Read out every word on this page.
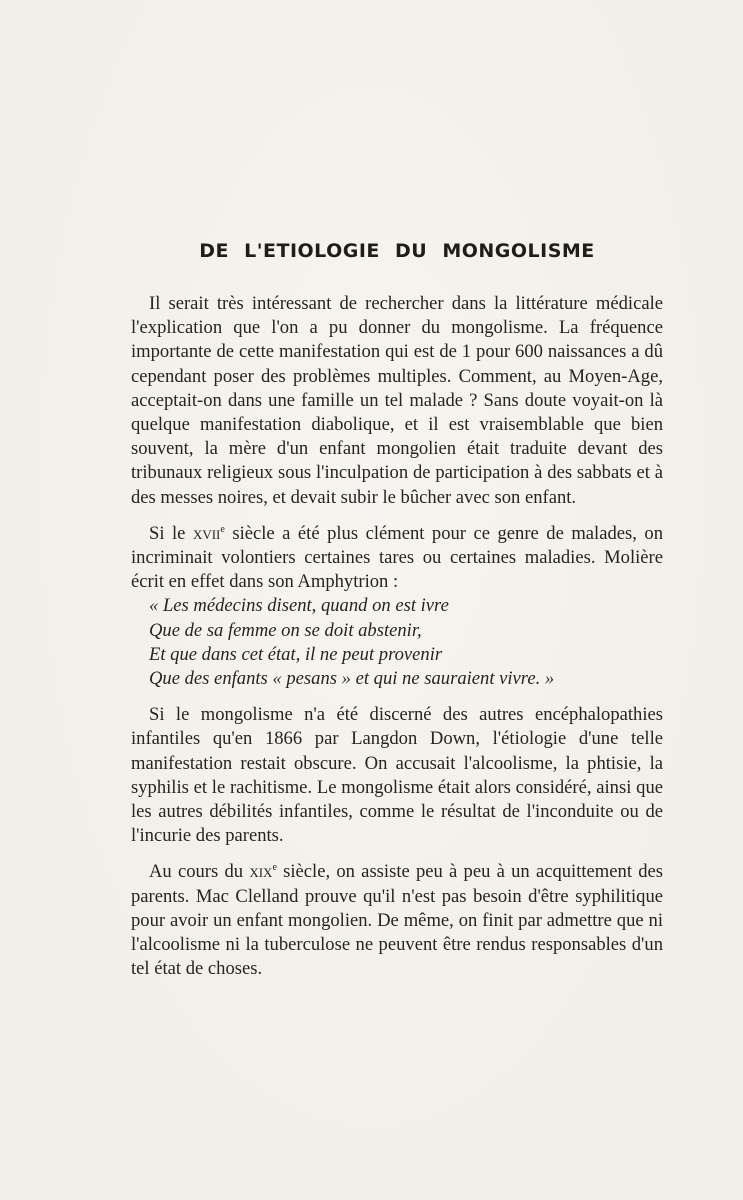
DE L'ETIOLOGIE DU MONGOLISME

Il serait très intéressant de rechercher dans la littérature médicale l'explication que l'on a pu donner du mongolisme. La fréquence importante de cette manifestation qui est de 1 pour 600 naissances a dû cependant poser des problèmes multiples. Comment, au Moyen-Age, acceptait-on dans une famille un tel malade ? Sans doute voyait-on là quelque manifestation diabolique, et il est vraisemblable que bien souvent, la mère d'un enfant mongolien était traduite devant des tribunaux religieux sous l'inculpation de participation à des sabbats et à des messes noires, et devait subir le bûcher avec son enfant.

Si le xvii$^e$ siècle a été plus clément pour ce genre de malades, on incriminait volontiers certaines tares ou certaines maladies. Molière écrit en effet dans son Amphytrion :

« Les médecins disent, quand on est ivre
Que de sa femme on se doit abstenir,
Et que dans cet état, il ne peut provenir
Que des enfants « pesans » et qui ne sauraient vivre. »

Si le mongolisme n'a été discerné des autres encéphalopathies infantiles qu'en 1866 par Langdon Down, l'étiologie d'une telle manifestation restait obscure. On accusait l'alcoolisme, la phtisie, la syphilis et le rachitisme. Le mongolisme était alors considéré, ainsi que les autres débilités infantiles, comme le résultat de l'inconduite ou de l'incurie des parents.

Au cours du xix$^e$ siècle, on assiste peu à peu à un acquittement des parents. Mac Clelland prouve qu'il n'est pas besoin d'être syphilitique pour avoir un enfant mongolien. De même, on finit par admettre que ni l'alcoolisme ni la tuberculose ne peuvent être rendus responsables d'un tel état de choses.
